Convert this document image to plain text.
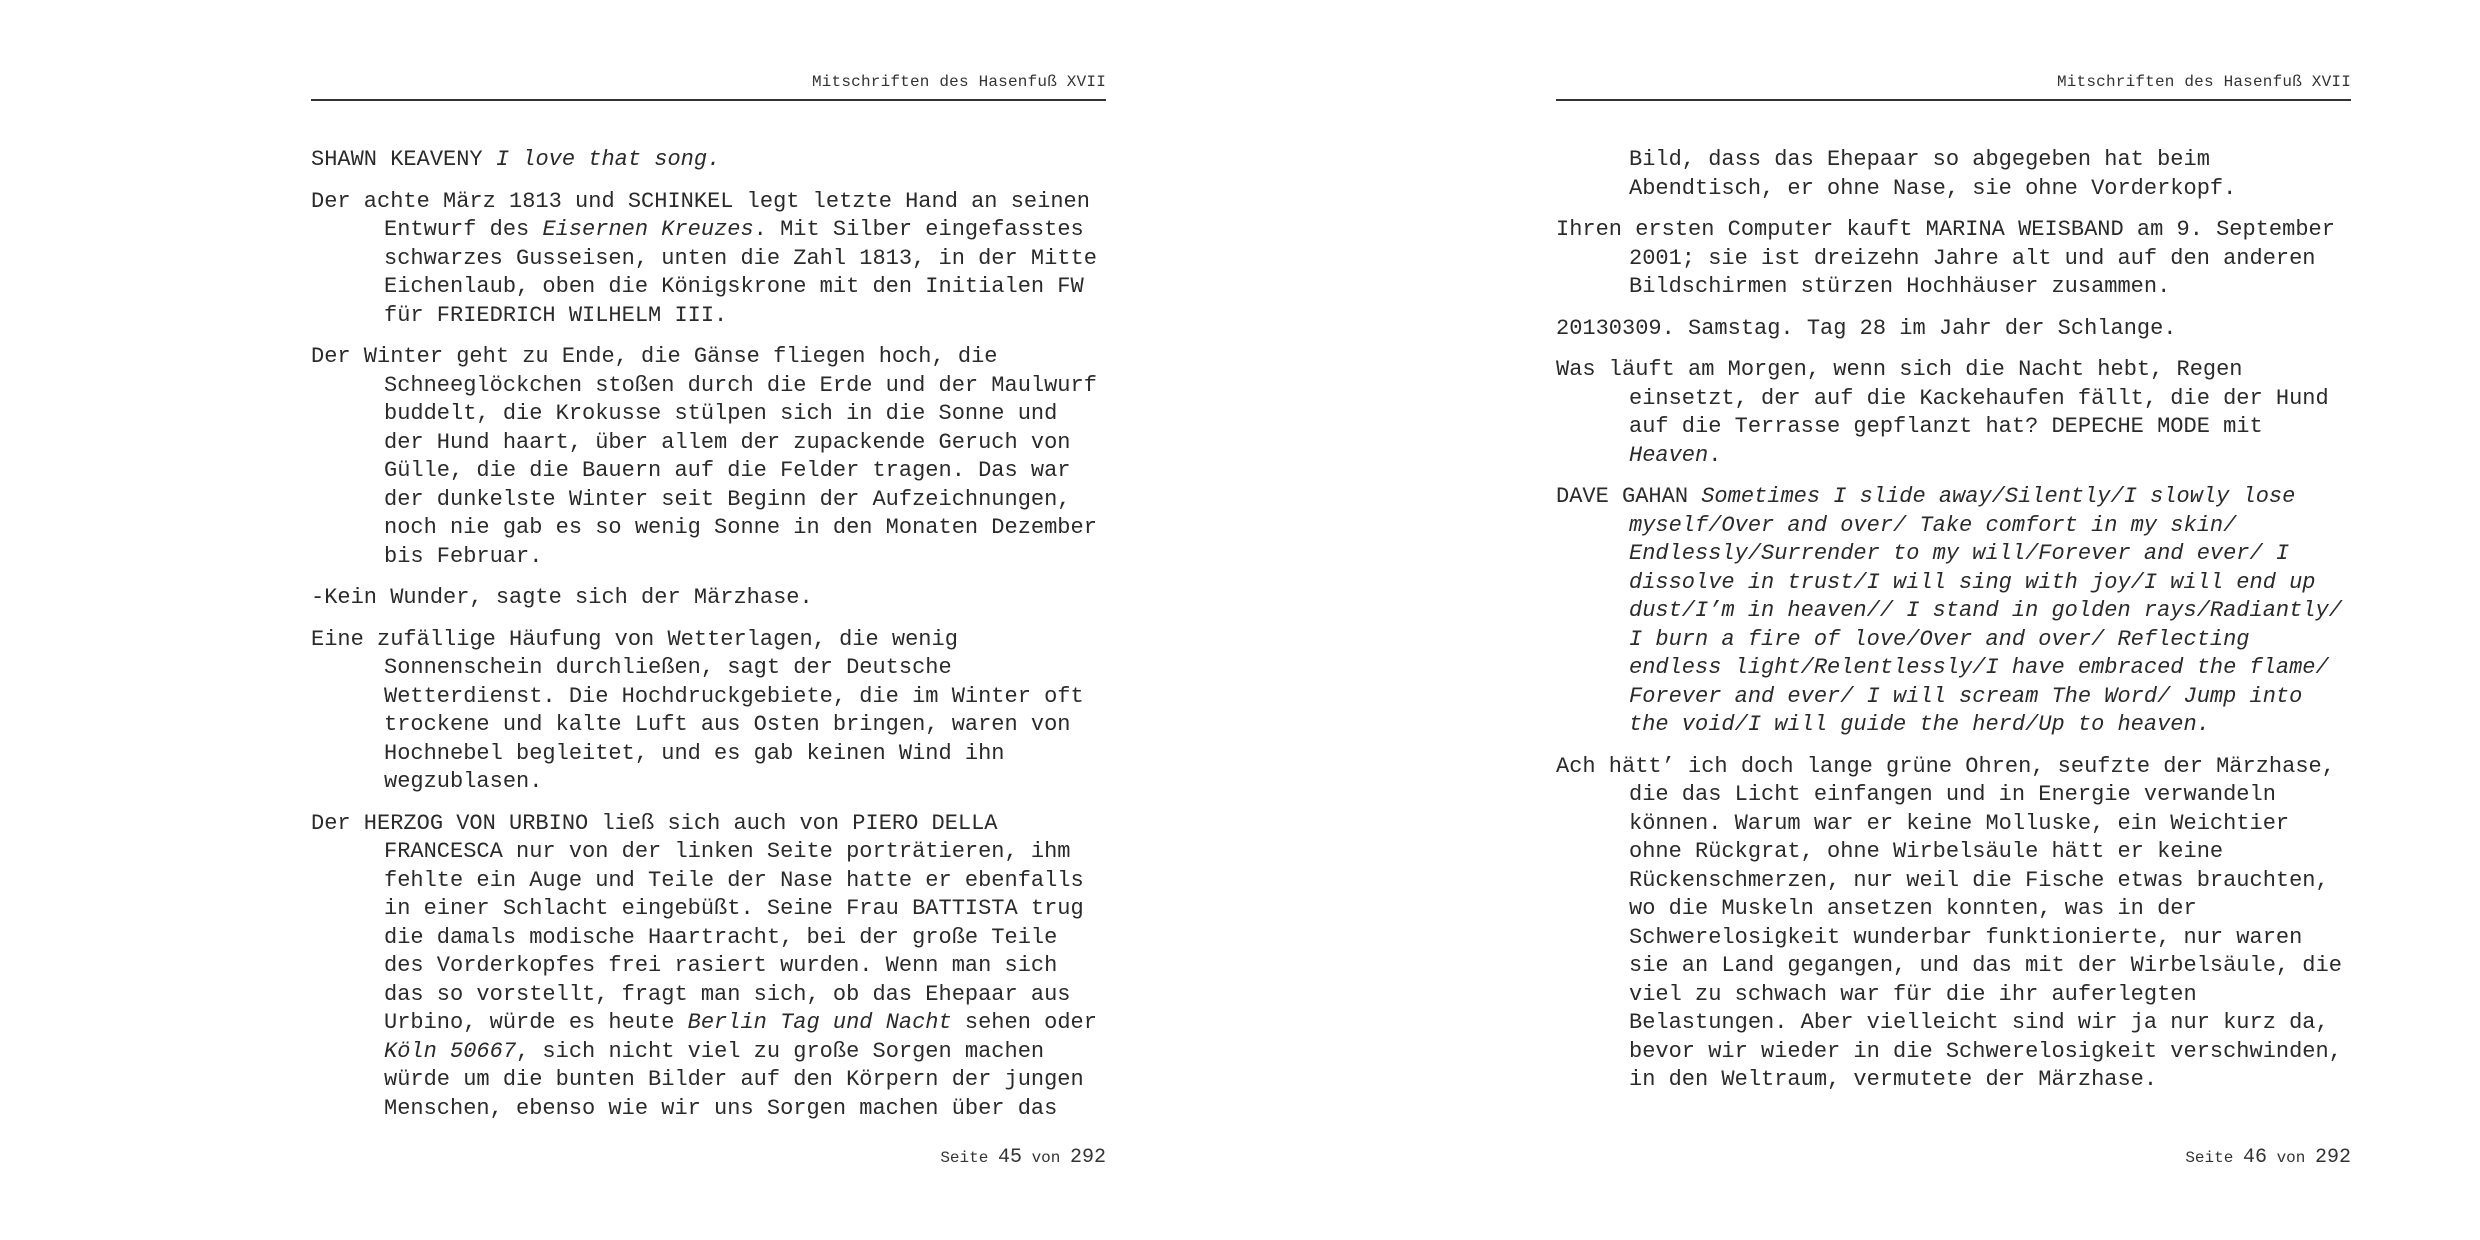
Mitschriften des Hasenfuß XVII

SHAWN KEAVENY I love that song.

Der achte März 1813 und SCHINKEL legt letzte Hand an seinen
Entwurf des Eisernen Kreuzes. Mit Silber eingefasstes
schwarzes Gusseisen, unten die Zahl 1813, in der Mitte
Eichenlaub, oben die Königskrone mit den Initialen FW
für FRIEDRICH WILHELM III.

Der Winter geht zu Ende, die Gänse fliegen hoch, die
Schneeglöckchen stoßen durch die Erde und der Maulwurf
buddelt, die Krokusse stülpen sich in die Sonne und
der Hund haart, über allem der zupackende Geruch von
Gülle, die die Bauern auf die Felder tragen. Das war
der dunkelste Winter seit Beginn der Aufzeichnungen,
noch nie gab es so wenig Sonne in den Monaten Dezember
bis Februar.

-Kein Wunder, sagte sich der Märzhase.

Eine zufällige Häufung von Wetterlagen, die wenig
Sonnenschein durchließen, sagt der Deutsche
Wetterdienst. Die Hochdruckgebiete, die im Winter oft
trockene und kalte Luft aus Osten bringen, waren von
Hochnebel begleitet, und es gab keinen Wind ihn
wegzublasen.

Der HERZOG VON URBINO ließ sich auch von PIERO DELLA
FRANCESCA nur von der linken Seite porträtieren, ihm
fehlte ein Auge und Teile der Nase hatte er ebenfalls
in einer Schlacht eingebüßt. Seine Frau BATTISTA trug
die damals modische Haartracht, bei der große Teile
des Vorderkopfes frei rasiert wurden. Wenn man sich
das so vorstellt, fragt man sich, ob das Ehepaar aus
Urbino, würde es heute Berlin Tag und Nacht sehen oder
Köln 50667, sich nicht viel zu große Sorgen machen
würde um die bunten Bilder auf den Körpern der jungen
Menschen, ebenso wie wir uns Sorgen machen über das

Seite 45 von 292
Mitschriften des Hasenfuß XVII

Bild, dass das Ehepaar so abgegeben hat beim
Abendtisch, er ohne Nase, sie ohne Vorderkopf.

Ihren ersten Computer kauft MARINA WEISBAND am 9. September
2001; sie ist dreizehn Jahre alt und auf den anderen
Bildschirmen stürzen Hochhäuser zusammen.

20130309. Samstag. Tag 28 im Jahr der Schlange.

Was läuft am Morgen, wenn sich die Nacht hebt, Regen
einsetzt, der auf die Kackehaufen fällt, die der Hund
auf die Terrasse gepflanzt hat? DEPECHE MODE mit
Heaven.

DAVE GAHAN Sometimes I slide away/Silently/I slowly lose
myself/Over and over/ Take comfort in my skin/
Endlessly/Surrender to my will/Forever and ever/ I
dissolve in trust/I will sing with joy/I will end up
dust/I’m in heaven// I stand in golden rays/Radiantly/
I burn a fire of love/Over and over/ Reflecting
endless light/Relentlessly/I have embraced the flame/
Forever and ever/ I will scream The Word/ Jump into
the void/I will guide the herd/Up to heaven.

Ach hätt’ ich doch lange grüne Ohren, seufzte der Märzhase,
die das Licht einfangen und in Energie verwandeln
können. Warum war er keine Molluske, ein Weichtier
ohne Rückgrat, ohne Wirbelsäule hätt er keine
Rückenschmerzen, nur weil die Fische etwas brauchten,
wo die Muskeln ansetzen konnten, was in der
Schwerelosigkeit wunderbar funktionierte, nur waren
sie an Land gegangen, und das mit der Wirbelsäule, die
viel zu schwach war für die ihr auferlegten
Belastungen. Aber vielleicht sind wir ja nur kurz da,
bevor wir wieder in die Schwerelosigkeit verschwinden,
in den Weltraum, vermutete der Märzhase.

Seite 46 von 292
